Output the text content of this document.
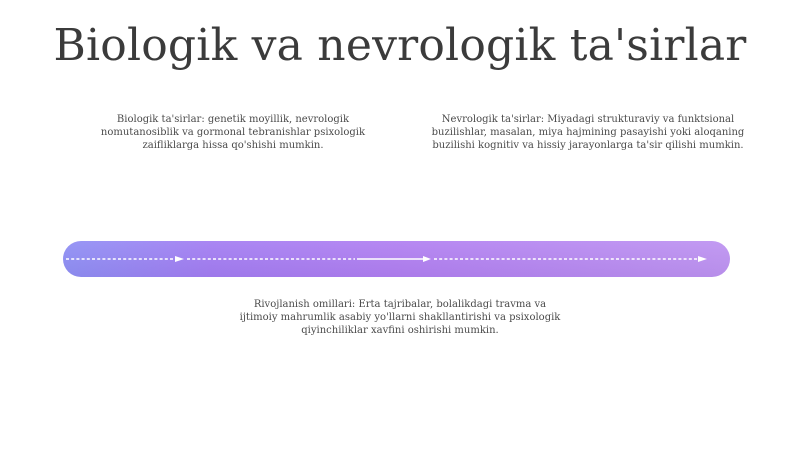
Biologik va nevrologik ta'sirlar
Biologik ta'sirlar: genetik moyillik, nevrologik nomutanosiblik va gormonal tebranishlar psixologik zaifliklarga hissa qo'shishi mumkin.
Nevrologik ta'sirlar: Miyadagi strukturaviy va funktsional buzilishlar, masalan, miya hajmining pasayishi yoki aloqaning buzilishi kognitiv va hissiy jarayonlarga ta'sir qilishi mumkin.
Rivojlanish omillari: Erta tajribalar, bolalikdagi travma va ijtimoiy mahrumlik asabiy yo'llarni shakllantirishi va psixologik qiyinchiliklar xavfini oshirishi mumkin.
